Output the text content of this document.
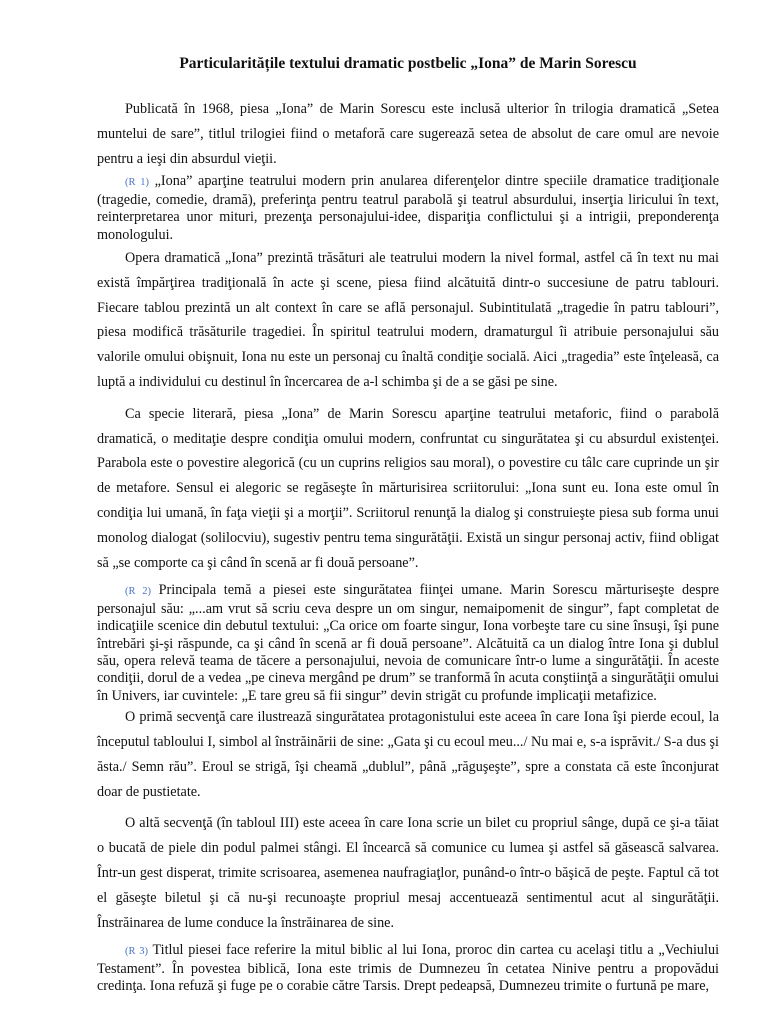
Particularitățile textului dramatic postbelic „Iona” de Marin Sorescu

Publicată în 1968, piesa „Iona” de Marin Sorescu este inclusă ulterior în trilogia dramatică „Setea muntelui de sare”, titlul trilogiei fiind o metaforă care sugerează setea de absolut de care omul are nevoie pentru a ieşi din absurdul vieţii.

(R 1) „Iona” aparţine teatrului modern prin anularea diferenţelor dintre speciile dramatice tradiţionale (tragedie, comedie, dramă), preferinţa pentru teatrul parabolă şi teatrul absurdului, inserţia liricului în text, reinterpretarea unor mituri, prezenţa personajului-idee, dispariţia conflictului şi a intrigii, preponderenţa monologului.

Opera dramatică „Iona” prezintă trăsături ale teatrului modern la nivel formal, astfel că în text nu mai există împărţirea tradiţională în acte şi scene, piesa fiind alcătuită dintr-o succesiune de patru tablouri. Fiecare tablou prezintă un alt context în care se află personajul. Subintitulată „tragedie în patru tablouri”, piesa modifică trăsăturile tragediei. În spiritul teatrului modern, dramaturgul îi atribuie personajului său valorile omului obişnuit, Iona nu este un personaj cu înaltă condiţie socială. Aici „tragedia” este înţeleasă, ca luptă a individului cu destinul în încercarea de a-l schimba şi de a se găsi pe sine.

Ca specie literară, piesa „Iona” de Marin Sorescu aparţine teatrului metaforic, fiind o parabolă dramatică, o meditaţie despre condiţia omului modern, confruntat cu singurătatea şi cu absurdul existenţei. Parabola este o povestire alegorică (cu un cuprins religios sau moral), o povestire cu tâlc care cuprinde un şir de metafore. Sensul ei alegoric se regăseşte în mărturisirea scriitorului: „Iona sunt eu. Iona este omul în condiţia lui umană, în faţa vieţii şi a morţii”. Scriitorul renunţă la dialog şi construieşte piesa sub forma unui monolog dialogat (solilocviu), sugestiv pentru tema singurătăţii. Există un singur personaj activ, fiind obligat să „se comporte ca şi când în scenă ar fi două persoane”.

(R 2) Principala temă a piesei este singurătatea fiinţei umane. Marin Sorescu mărturiseşte despre personajul său: „...am vrut să scriu ceva despre un om singur, nemaipomenit de singur”, fapt completat de indicaţiile scenice din debutul textului: „Ca orice om foarte singur, Iona vorbeşte tare cu sine însuşi, îşi pune întrebări şi-şi răspunde, ca şi când în scenă ar fi două persoane”. Alcătuită ca un dialog între Iona şi dublul său, opera relevă teama de tăcere a personajului, nevoia de comunicare într-o lume a singurătăţii. În aceste condiţii, dorul de a vedea „pe cineva mergând pe drum” se tranformă în acuta conştiinţă a singurătăţii omului în Univers, iar cuvintele: „E tare greu să fii singur” devin strigăt cu profunde implicaţii metafizice.

O primă secvenţă care ilustrează singurătatea protagonistului este aceea în care Iona îşi pierde ecoul, la începutul tabloului I, simbol al înstrăinării de sine: „Gata şi cu ecoul meu.../ Nu mai e, s-a isprăvit./ S-a dus şi ăsta./ Semn rău”. Eroul se strigă, îşi cheamă „dublul”, până „răguşeşte”, spre a constata că este înconjurat doar de pustietate.

O altă secvenţă (în tabloul III) este aceea în care Iona scrie un bilet cu propriul sânge, după ce şi-a tăiat o bucată de piele din podul palmei stângi. El încearcă să comunice cu lumea şi astfel să găsească salvarea. Într-un gest disperat, trimite scrisoarea, asemenea naufragiaţlor, punând-o într-o băşică de peşte. Faptul că tot el găseşte biletul şi că nu-şi recunoaşte propriul mesaj accentuează sentimentul acut al singurătăţii. Înstrăinarea de lume conduce la înstrăinarea de sine.

(R 3) Titlul piesei face referire la mitul biblic al lui Iona, proroc din cartea cu acelaşi titlu a „Vechiului Testament”. În povestea biblică, Iona este trimis de Dumnezeu în cetatea Ninive pentru a propovădui credinţa. Iona refuză şi fuge pe o corabie către Tarsis. Drept pedeapsă, Dumnezeu trimite o furtună pe mare,
